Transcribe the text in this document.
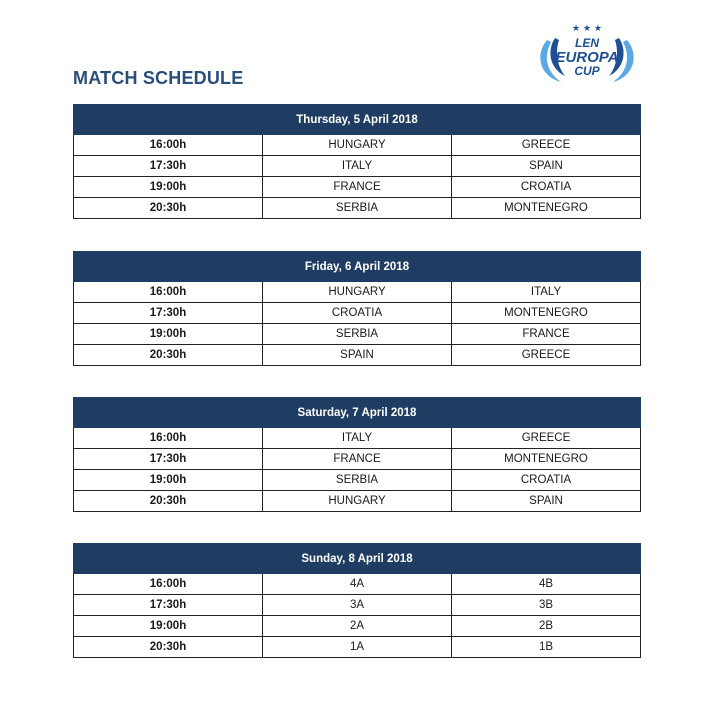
MATCH SCHEDULE
★ ★ ★
LEN
EUROPA
CUP
Thursday, 5 April 2018		
16:00h	HUNGARY	GREECE
17:30h	ITALY	SPAIN
19:00h	FRANCE	CROATIA
20:30h	SERBIA	MONTENEGRO
Friday, 6 April 2018		
16:00h	HUNGARY	ITALY
17:30h	CROATIA	MONTENEGRO
19:00h	SERBIA	FRANCE
20:30h	SPAIN	GREECE
Saturday, 7 April 2018		
16:00h	ITALY	GREECE
17:30h	FRANCE	MONTENEGRO
19:00h	SERBIA	CROATIA
20:30h	HUNGARY	SPAIN
Sunday, 8 April 2018		
16:00h	4A	4B
17:30h	3A	3B
19:00h	2A	2B
20:30h	1A	1B
